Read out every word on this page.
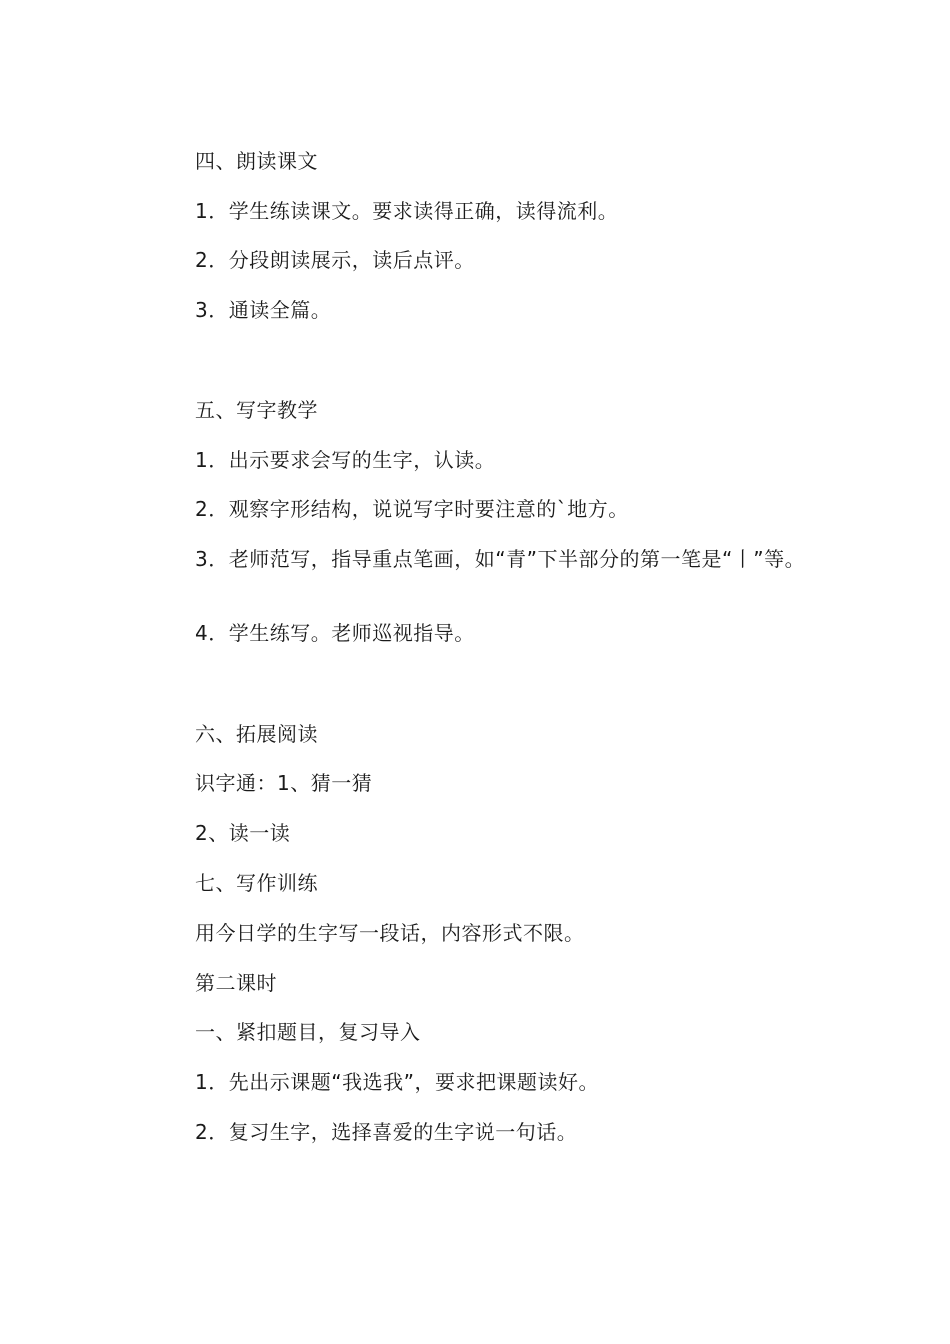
四、朗读课文
1．学生练读课文。要求读得正确，读得流利。
2．分段朗读展示，读后点评。
3．通读全篇。
五、写字教学
1．出示要求会写的生字，认读。
2．观察字形结构，说说写字时要注意的`地方。
3．老师范写，指导重点笔画，如“青”下半部分的第一笔是“丨”等。
4．学生练写。老师巡视指导。
六、拓展阅读
识字通：1、猜一猜
2、读一读
七、写作训练
用今日学的生字写一段话，内容形式不限。
第二课时
一、紧扣题目，复习导入
1．先出示课题“我选我”，要求把课题读好。
2．复习生字，选择喜爱的生字说一句话。
